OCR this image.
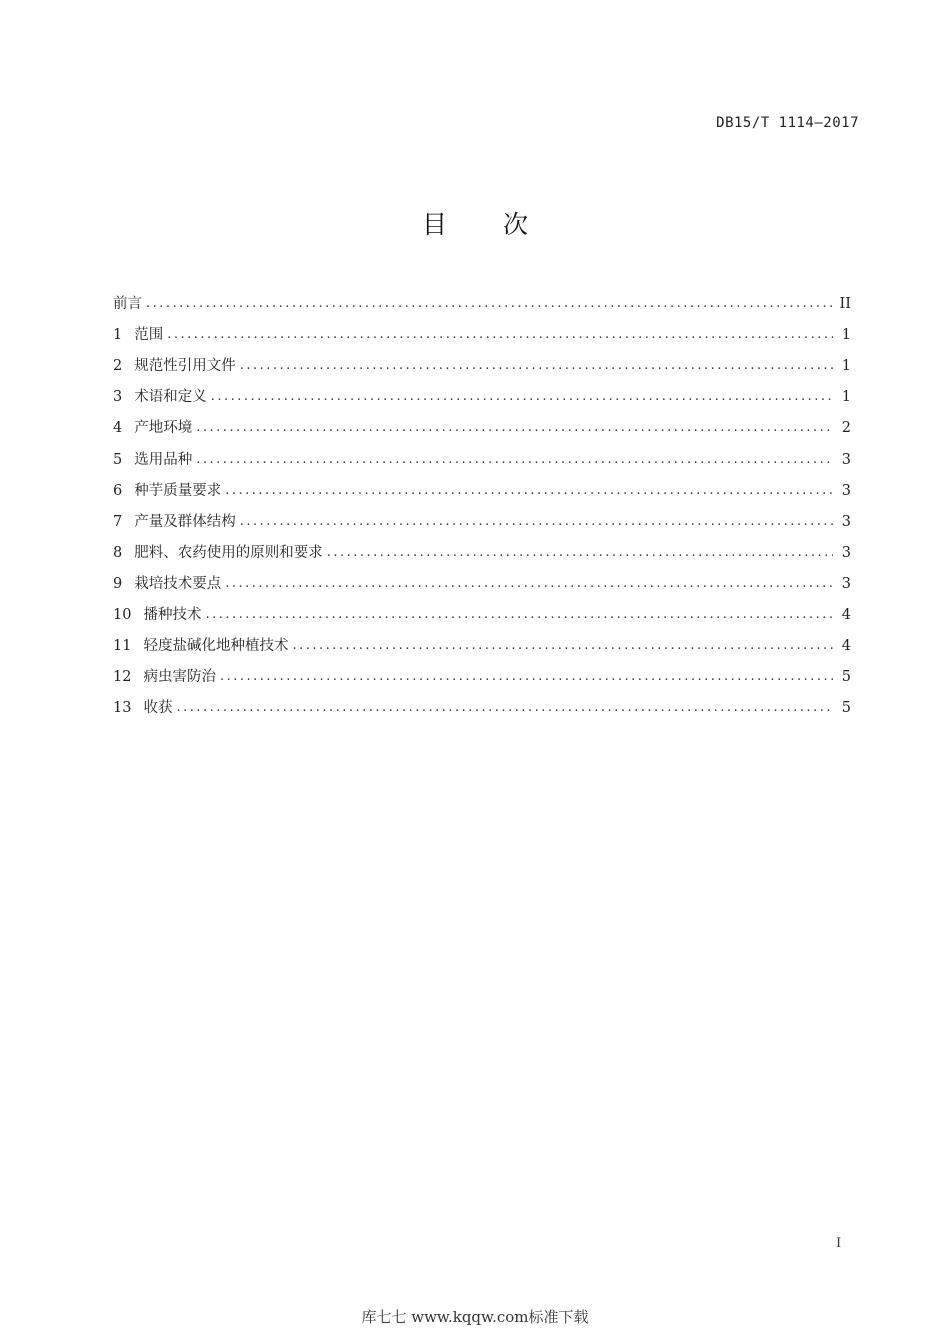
DB15/T 1114—2017
目 次
前言 .....	II
1 范围 .....	1
2 规范性引用文件 .....	1
3 术语和定义 .....	1
4 产地环境 .....	2
5 选用品种 .....	3
6 种芋质量要求 .....	3
7 产量及群体结构 .....	3
8 肥料、农药使用的原则和要求 .....	3
9 栽培技术要点 .....	3
10 播种技术 .....	4
11 轻度盐碱化地种植技术 .....	4
12 病虫害防治 .....	5
13 收获 .....	5
I
库七七 www.kqqw.com标准下载
